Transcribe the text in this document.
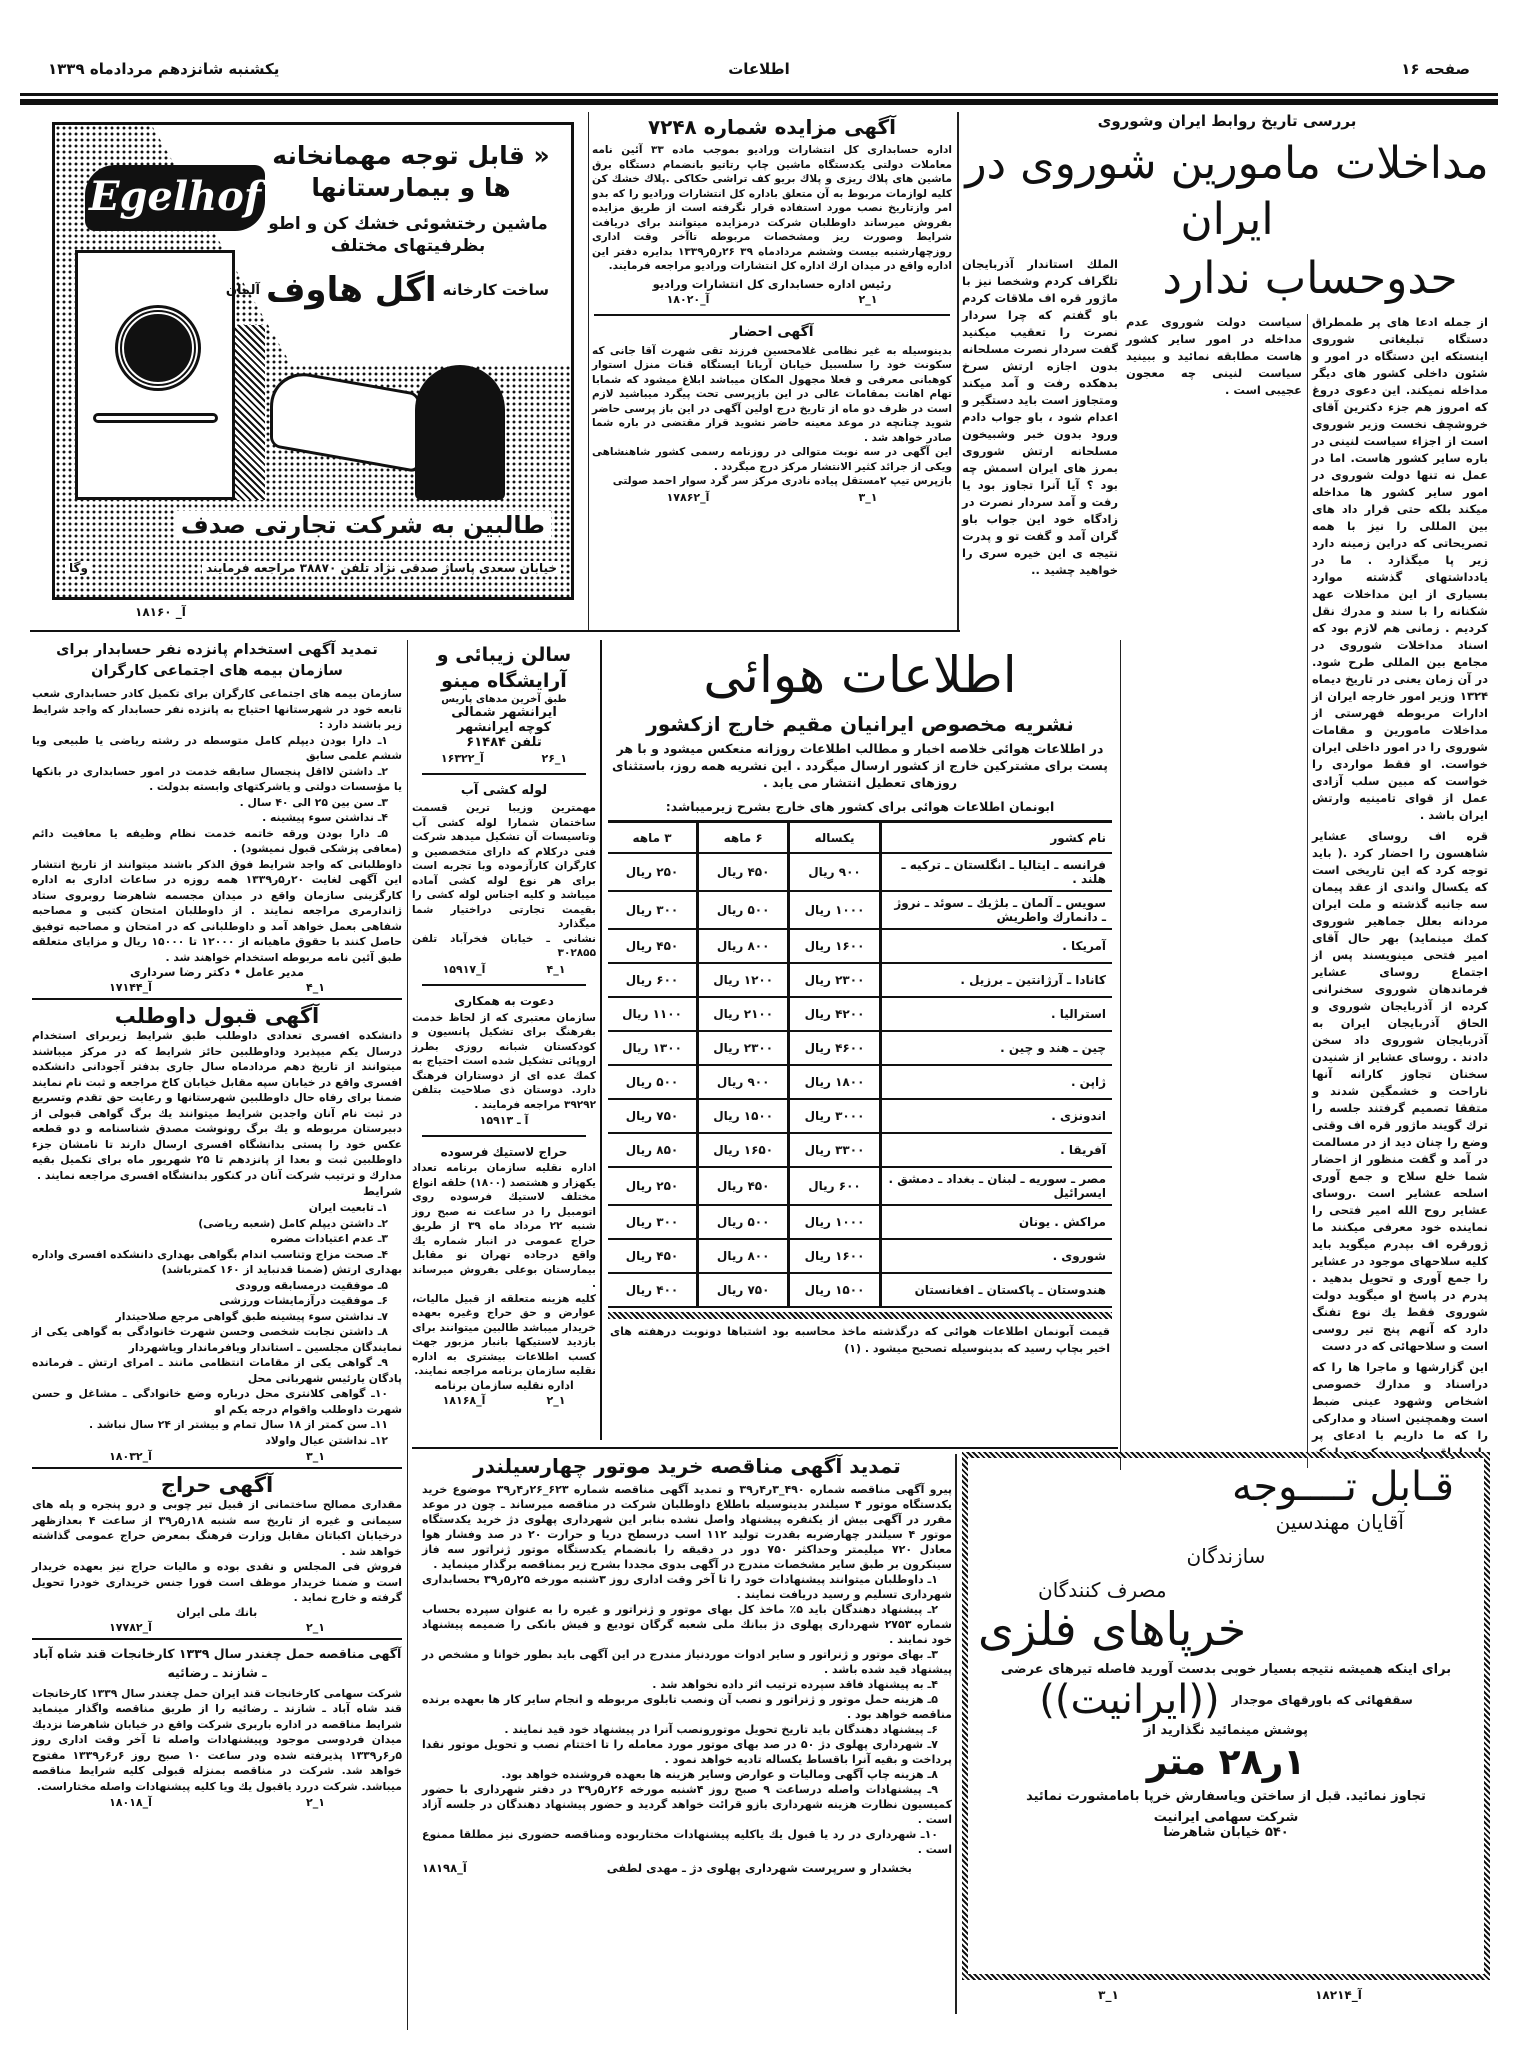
صفحه ۱۶
اطلاعات
یکشنبه شانزدهم مردادماه ۱۳۳۹
بررسی تاریخ روابط ایران وشوروی
مداخلات مامورین شوروی در ایران
حدوحساب ندارد

از جمله ادعا های پر طمطراق دستگاه تبلیغاتی شوروی اینستکه این دستگاه در امور و شئون داخلی کشور های دیگر مداخله نمیکند. این دعوی دروغ که امروز هم جزء دکترین آقای خروشچف نخست وزیر شوروی است از اجزاء سیاست لنینی در باره سایر کشور هاست. اما در عمل نه تنها دولت شوروی در امور سایر کشور ها مداخله میکند بلکه حتی قرار داد های بین المللی را نیز با همه تصریحاتی که دراین زمینه دارد زیر پا میگذارد . ما در یادداشتهای گذشته موارد بسیاری از این مداخلات عهد شکنانه را با سند و مدرك نقل کردیم . زمانی هم لازم بود که اسناد مداخلات شوروی در مجامع بین المللی طرح شود. در آن زمان یعنی در تاریخ دیماه ۱۳۲۴ وزیر امور خارجه ایران از ادارات مربوطه فهرستی از مداخلات مامورین و مقامات شوروی را در امور داخلی ایران خواست. او فقط مواردی را خواست که مبین سلب آزادی عمل از قوای تامینیه وارتش ایران باشد .

قره اف روسای عشایر شاهسون را احضار کرد .( باید توجه کرد که این تاریخی است که یکسال واندی از عقد پیمان سه جانبه گذشته و ملت ایران مردانه بعلل جماهیر شوروی کمك مینماید) بهر حال آقای امیر فتحی مینویسند پس از اجتماع روسای عشایر فرماندهان شوروی سخنرانی کرده از آذربایجان شوروی و الحاق آذربایجان ایران به آذربایجان شوروی داد سخن دادند . روسای عشایر از شنیدن سخنان تجاوز کارانه آنها ناراحت و خشمگین شدند و متفقا تصمیم گرفتند جلسه را ترك گویند ماژور قره اف وقتی وضع را چنان دید از در مسالمت در آمد و گفت منظور از احضار شما خلع سلاح و جمع آوری اسلحه عشایر است .روسای عشایر روح الله امیر فتحی را نماینده خود معرفی میکنند ما ژورقره اف بپدرم میگوید باید کلیه سلاحهای موجود در عشایر را جمع آوری و تحویل بدهید . پدرم در پاسخ او میگوید دولت شوروی فقط یك نوع تفنگ دارد که آنهم پنج تیر روسی است و سلاحهائی که در دست

این گزارشها و ماجرا ها را که دراسناد و مدارك خصوصی اشخاص وشهود عینی ضبط است وهمچنین اسناد و مدارکی را که ما داریم با ادعای پر طمطراق رادیو مسکو در اینکه سیاست دولت شوروی عدم مداخله در امور سایر کشور هاست مطابقه نمائید و ببینید سیاست لنینی چه معجون عجیبی است .

الملك استاندار آذربایجان تلگراف کردم وشخصا نیز با ماژور قره اف ملاقات کردم باو گفتم که چرا سردار نصرت را تعقیب میکنید گفت سردار نصرت مسلحانه بدون اجازه ارتش سرخ بدهکده رفت و آمد میکند ومتجاوز است باید دستگیر و اعدام شود ، باو جواب دادم ورود بدون خبر وشبیخون مسلحانه ارتش شوروی بمرز های ایران اسمش چه بود ؟ آیا آنرا تجاوز بود یا رفت و آمد سردار نصرت در زادگاه خود این جواب باو گران آمد و گفت تو و پدرت نتیجه ی این خیره سری را خواهید چشید ..

آگهی مزایده شماره ۷۲۴۸

اداره حسابداری کل انتشارات ورادیو بموجب ماده ۳۳ آئین نامه معاملات دولتی یکدستگاه ماشین چاپ رتاتیو بانضمام دستگاه برق ماشین های پلاك ریزی و پلاك بریو کف تراشی حکاکی .پلاك خشك کن کلیه لوازمات مربوط به آن متعلق باداره کل انتشارات ورادیو را که بدو امر وازتاریخ نصب مورد استفاده قرار نگرفته است از طریق مزایده بفروش میرساند داوطلبان شرکت درمزایده میتوانند برای دریافت شرایط وصورت ریز ومشخصات مربوطه تاآخر وقت اداری روزچهارشنبه بیست وششم مردادماه ۳۹ ۲۶ر۵ر۱۳۳۹ بدایره دفتر این اداره واقع در میدان ارك اداره کل انتشارات ورادیو مراجعه فرمایند.

رئیس اداره حسابداری کل انتشارات ورادیو
۱_۲
آ_۱۸۰۲۰
آگهی احضار

بدینوسیله به غیر نظامی غلامحسین فرزند تقی شهرت آقا جانی که سکونت خود را سلسبیل خیابان آریانا ایستگاه قنات منزل استوار کوهبانی معرفی و فعلا مجهول المکان میباشد ابلاغ میشود که شمابا تهام اهانت بمقامات عالی در این بازپرسی تحت پیگرد میباشید لازم است در ظرف دو ماه از تاریخ درج اولین آگهی در این باز پرسی حاضر شوید چنانچه در موعد معینه حاضر نشوید قرار مقتضی در باره شما صادر خواهد شد .

این آگهی در سه نوبت متوالی در روزنامه رسمی کشور شاهنشاهی ویکی از جرائد کثیر الانتشار مرکز درج میگردد .

بازپرس تیپ ۲مستقل پیاده نادری مرکز سر گرد سوار احمد صولتی

۱_۳
آ_۱۷۸۶۲
Egelhof
« قابل توجه مهمانخانه ها و بیمارستانها
ماشین رختشوئی خشك کن و اطو بظرفیتهای مختلف
ساخت کارخانه
اگل هاوف
آلمان
طالبین به شرکت تجارتی صدف
خیابان سعدی پاساژ صدقی نژاد تلفن ۳۸۸۷۰ مراجعه فرمایند
وگا
آ_ ۱۸۱۶۰
اطلاعات هوائی
نشریه مخصوص ایرانیان مقیم خارج ازکشور

در اطلاعات هوائی خلاصه اخبار و مطالب اطلاعات روزانه منعکس میشود و با هر پست برای مشترکین خارج از کشور ارسال میگردد . این نشریه همه روز، باستثنای روزهای تعطیل انتشار می یابد .

ابونمان اطلاعات هوائی برای کشور های خارج بشرح زیرمیباشد:
نام کشور	یکساله	۶ ماهه	۳ ماهه
فرانسه ـ ایتالیا ـ انگلستان ـ ترکیه ـ هلند .	۹۰۰ ریال	۴۵۰ ریال	۲۵۰ ریال
سویس ـ آلمان ـ بلژیك ـ سوئد ـ نروژ ـ دانمارك واطریش	۱۰۰۰ ریال	۵۰۰ ریال	۳۰۰ ریال
آمریکا .	۱۶۰۰ ریال	۸۰۰ ریال	۴۵۰ ریال
کانادا ـ آرژانتین ـ برزیل .	۲۳۰۰ ریال	۱۲۰۰ ریال	۶۰۰ ریال
استرالیا .	۴۲۰۰ ریال	۲۱۰۰ ریال	۱۱۰۰ ریال
چین ـ هند و چین .	۴۶۰۰ ریال	۲۳۰۰ ریال	۱۳۰۰ ریال
ژاپن .	۱۸۰۰ ریال	۹۰۰ ریال	۵۰۰ ریال
اندونزی .	۳۰۰۰ ریال	۱۵۰۰ ریال	۷۵۰ ریال
آفریقا .	۳۳۰۰ ریال	۱۶۵۰ ریال	۸۵۰ ریال
مصر ـ سوریه ـ لبنان ـ بغداد ـ دمشق . ایسرائیل	۶۰۰ ریال	۴۵۰ ریال	۲۵۰ ریال
مراکش . یونان	۱۰۰۰ ریال	۵۰۰ ریال	۳۰۰ ریال
شوروی .	۱۶۰۰ ریال	۸۰۰ ریال	۴۵۰ ریال
هندوستان ـ پاکستان ـ افغانستان	۱۵۰۰ ریال	۷۵۰ ریال	۴۰۰ ریال

قیمت آبونمان اطلاعات هوائی که درگذشته ماخذ محاسبه بود اشتباها دونوبت درهفته های اخیر بچاپ رسید که بدینوسیله تصحیح میشود . (۱)

سالن زیبائی و آرایشگاه مینو
طبق آخرین مدهای پاریس
ایرانشهر شمالی
کوچه ایرانشهر
تلفن ۶۱۴۸۴
۱_۲۶
آ_۱۶۳۲۲
لوله کشی آب

مهمترین وزیبا ترین قسمت ساختمان شمارا لوله کشی آب وتاسیسات آن تشکیل میدهد شرکت فنی درکلام که دارای متخصصین و کارگران کارآزموده وبا تجربه است برای هر نوع لوله کشی آماده میباشد و کلیه اجناس لوله کشی را بقیمت تجارتی دراختیار شما میگذارد

نشانی ـ خیابان فخرآباد تلفن ۳۰۲۸۵۵

۱_۴
آ_۱۵۹۱۷
دعوت به همکاری

سازمان معتبری که از لحاظ خدمت بفرهنگ برای تشکیل پانسیون و کودکستان شبانه روزی بطرز اروپائی تشکیل شده است احتیاج به کمك عده ای از دوستاران فرهنگ دارد. دوستان ذی صلاحیت بتلفن ۳۹۲۹۲ مراجعه فرمایند .

آ ـ ۱۵۹۱۳
حراج لاستیك فرسوده

اداره نقلیه سازمان برنامه تعداد یکهزار و هشتصد (۱۸۰۰) حلقه انواع مختلف لاستیك فرسوده روی اتومبیل را در ساعت نه صبح روز شنبه ۲۲ مرداد ماه ۳۹ از طریق حراج عمومی در انبار شماره یك واقع درجاده تهران نو مقابل بیمارستان بوعلی بفروش میرساند .

کلیه هزینه متعلقه از قبیل مالیات، عوارض و حق حراج وغیره بعهده خریدار میباشد طالبین میتوانند برای بازدید لاستیکها بانبار مزبور جهت کسب اطلاعات بیشتری به اداره نقلیه سازمان برنامه مراجعه نمایند.

اداره نقلیه سازمان برنامه
۱_۲
آ_۱۸۱۶۸
تمدید آگهی استخدام پانزده نفر حسابدار برای سازمان بیمه های اجتماعی کارگران

سازمان بیمه های اجتماعی کارگران برای تکمیل کادر حسابداری شعب تابعه خود در شهرستانها احتیاج به پانزده نفر حسابدار که واجد شرایط زیر باشند دارد :

۱ـ دارا بودن دیپلم کامل متوسطه در رشته ریاضی یا طبیعی ویا ششم علمی سابق

۲ـ داشتن لااقل پنجسال سابقه خدمت در امور حسابداری در بانکها یا مؤسسات دولتی و یاشرکتهای وابسته بدولت .

۳ـ سن بین ۲۵ الی ۴۰ سال .

۴ـ نداشتن سوء پیشینه .

۵ـ دارا بودن ورقه خاتمه خدمت نظام وظیفه یا معافیت دائم (معافی پزشکی قبول نمیشود) .

داوطلبانی که واجد شرایط فوق الذکر باشند میتوانند از تاریخ انتشار این آگهی لغایت ۲۰ر۵ر۱۳۳۹ همه روزه در ساعات اداری به اداره کارگزینی سازمان واقع در میدان مجسمه شاهرضا روبروی ستاد ژاندارمری مراجعه نمایند . از داوطلبان امتحان کتبی و مصاحبه شفاهی بعمل خواهد آمد و داوطلبانی که در امتحان و مصاحبه توفیق حاصل کنند با حقوق ماهیانه از ۱۲۰۰۰ تا ۱۵۰۰۰ ریال و مزایای متعلقه طبق آئین نامه مربوطه استخدام خواهند شد .

مدیر عامل • دکتر رضا سرداری
۱_۴
آ_۱۷۱۴۴
آگهی قبول داوطلب

دانشکده افسری تعدادی داوطلب طبق شرایط زیربرای استخدام درسال یکم میپذیرد وداوطلبین حائز شرایط که در مرکز میباشند میتوانند از تاریخ دهم مردادماه سال جاری بدفتر آجودانی دانشکده افسری واقع در خیابان سپه مقابل خیابان کاخ مراجعه و ثبت نام نمایند ضمنا برای رفاه حال داوطلبین شهرستانها و رعایت حق تقدم وتسریع در ثبت نام آنان واجدین شرایط میتوانند یك برگ گواهی قبولی از دبیرستان مربوطه و یك برگ رونوشت مصدق شناسنامه و دو قطعه عکس خود را پستی بدانشگاه افسری ارسال دارند تا نامشان جزء داوطلبین ثبت و بعدا از پانزدهم تا ۲۵ شهریور ماه برای تکمیل بقیه مدارك و ترتیب شرکت آنان در کنکور بدانشگاه افسری مراجعه نمایند .

شرایط

۱ـ تابعیت ایران

۲ـ داشتن دیپلم کامل (شعبه ریاضی)

۳ـ عدم اعتیادات مضره

۴ـ صحت مزاج وتناسب اندام بگواهی بهداری دانشکده افسری واداره بهداری ارتش (ضمنا قدنباید از ۱۶۰ کمترباشد)

۵ـ موفقیت درمسابقه ورودی

۶ـ موفقیت درآزمایشات ورزشی

۷ـ نداشتن سوء پیشینه طبق گواهی مرجع صلاحیتدار

۸ـ داشتن نجابت شخصی وحسن شهرت خانوادگی به گواهی یکی از نمایندگان مجلسین ـ استاندار ویافرماندار ویاشهردار

۹ـ گواهی یکی از مقامات انتظامی مانند ـ امرای ارتش ـ فرمانده پادگان یارئیس شهربانی محل

۱۰ـ گواهی کلانتری محل درباره وضع خانوادگی ـ مشاغل و حسن شهرت داوطلب واقوام درجه یکم او

۱۱ـ سن کمتر از ۱۸ سال تمام و بیشتر از ۲۴ سال نباشد .

۱۲ـ نداشتن عیال واولاد

۱_۳
آ_۱۸۰۳۲
آگهی حراج

مقداری مصالح ساختمانی از قبیل تیر چوبی و درو پنجره و پله های سیمانی و غیره از تاریخ سه شنبه ۱۸ر۵ر۳۹ از ساعت ۴ بعدازظهر درخیابان اکباتان مقابل وزارت فرهنگ بمعرض حراج عمومی گذاشته خواهد شد .

فروش فی المجلس و نقدی بوده و مالیات حراج نیز بعهده خریدار است و ضمنا خریدار موظف است فورا جنس خریداری خودرا تحویل گرفته و خارج نماید .

بانك ملی ایران
۱_۲
آ_۱۷۷۸۲
آگهی مناقصه حمل چغندر سال ۱۳۳۹ کارخانجات قند شاه آباد ـ شازند ـ رضائیه

شرکت سهامی کارخانجات قند ایران حمل چغندر سال ۱۳۳۹ کارخانجات قند شاه آباد ـ شازند ـ رضائیه را از طریق مناقصه واگذار مینماید شرایط مناقصه در اداره باربری شرکت واقع در خیابان شاهرضا نزدیك میدان فردوسی موجود وپیشنهادات واصله تا آخر وقت اداری روز ۵ر۶ر۱۳۳۹ پذیرفته شده ودر ساعت ۱۰ صبح روز ۶ر۶ر۱۳۳۹ مفتوح خواهد شد. شرکت در مناقصه بمنزله قبولی کلیه شرایط مناقصه میباشد. شرکت دررد یاقبول یك ویا کلیه پیشنهادات واصله مختاراست.

۱_۲
آ_۱۸۰۱۸
تمدید آگهی مناقصه خرید موتور چهارسیلندر

پیرو آگهی مناقصه شماره ۴۹۰_۳ر۴ر۳۹ و تمدید آگهی مناقصه شماره ۶۲۳_۲۶ر۴ر۳۹ موضوع خرید یکدستگاه موتور ۴ سیلندر بدینوسیله باطلاع داوطلبان شرکت در مناقصه میرساند ـ چون در موعد مقرر در آگهی بیش از یکنفره پیشنهاد واصل نشده بنابر این شهرداری پهلوی دژ خرید یکدستگاه موتور ۴ سیلندر چهارضربه بقدرت تولید ۱۱۲ اسب درسطح دریا و حرارت ۲۰ در صد وفشار هوا معادل ۷۲۰ میلیمتر وحداکثر ۷۵۰ دور در دقیقه را بانضمام یکدستگاه موتور ژنراتور سه فاز سینکرون بر طبق سایر مشخصات مندرج در آگهی بدوی مجددا بشرح زیر بمناقصه برگذار مینماید .

۱ـ داوطلبان میتوانند پیشنهادات خود را تا آخر وقت اداری روز ۳شنبه مورخه ۲۵ر۵ر۳۹ بحسابداری شهرداری تسلیم و رسید دریافت نمایند .

۲ـ پیشنهاد دهندگان باید ۵٪ ماخذ کل بهای موتور و ژنراتور و غیره را به عنوان سپرده بحساب شماره ۲۷۵۳ شهرداری پهلوی دژ ببانك ملی شعبه گرگان تودیع و فیش بانکی را ضمیمه پیشنهاد خود نمایند .

۳ـ بهای موتور و ژنراتور و سایر ادوات موردنیاز مندرج در این آگهی باید بطور خوانا و مشخص در پیشنهاد قید شده باشد .

۴ـ به پیشنهاد فاقد سپرده ترتیب اثر داده نخواهد شد .

۵ـ هزینه حمل موتور و ژنراتور و نصب آن ونصب تابلوی مربوطه و انجام سایر کار ها بعهده برنده مناقصه خواهد بود .

۶ـ پیشنهاد دهندگان باید تاریخ تحویل موتورونصب آنرا در پیشنهاد خود قید نمایند .

۷ـ شهرداری پهلوی دژ ۵۰ در صد بهای موتور مورد معامله را تا اختتام نصب و تحویل موتور نقدا پرداخت و بقیه آنرا باقساط یکساله تادیه خواهد نمود .

۸ـ هزینه چاپ آگهی ومالیات و عوارض وسایر هزینه ها بعهده فروشنده خواهد بود.

۹ـ پیشنهادات واصله درساعت ۹ صبح روز ۴شنبه مورخه ۲۶ر۵ر۳۹ در دفتر شهرداری با حضور کمیسیون نظارت هزینه شهرداری بازو قرائت خواهد گردید و حضور پیشنهاد دهندگان در جلسه آزاد است .

۱۰ـ شهرداری در رد یا قبول یك یاکلیه پیشنهادات مختاربوده ومناقصه حضوری نیز مطلقا ممنوع است .

بخشدار و سرپرست شهرداری پهلوی دژ ـ مهدی لطفی
آ_۱۸۱۹۸
قـابل تــــوجه
آقایان مهندسین
سازندگان
مصرف کنندگان
خرپاهای فلزی
برای اینکه همیشه نتیجه بسیار خوبی بدست آورید فاصله تیرهای عرضی
سقفهائی که باورقهای موجدار
((ایرانیت))
پوشش مینمائید نگذارید از
۱ر۲۸ متر
تجاوز نمائید. قبل از ساختن ویاسفارش خرپا بامامشورت نمائید
شرکت سهامی ایرانیت
۵۴۰ خیابان شاهرضا
آ_۱۸۲۱۴
۱_۳
